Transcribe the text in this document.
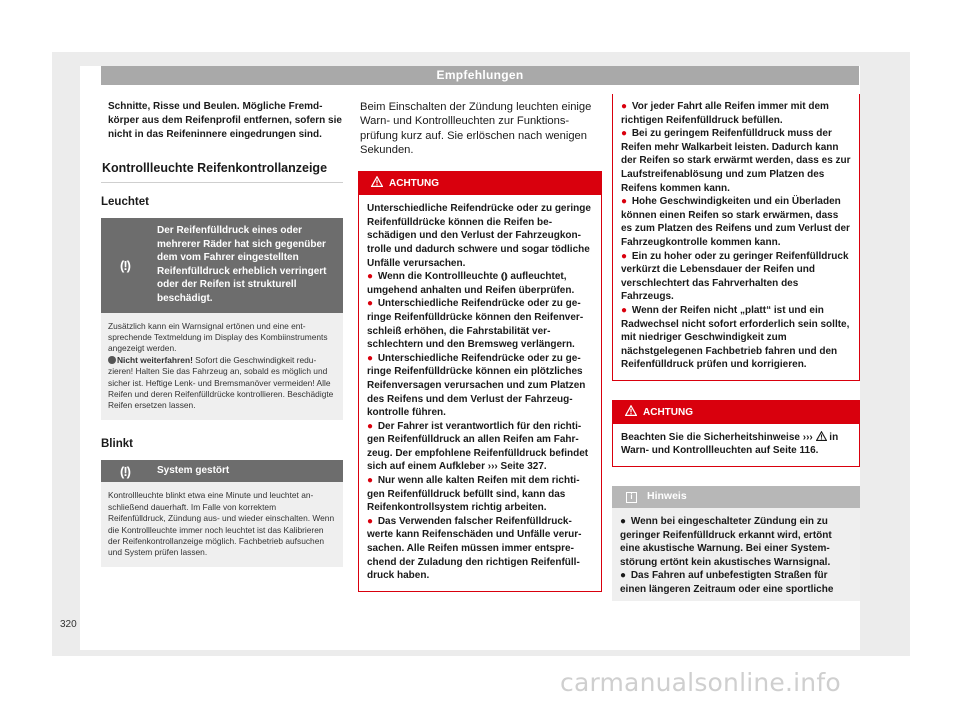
Empfehlungen
Schnitte, Risse und Beulen. Mögliche Fremdkörper aus dem Reifenprofil entfernen, sofern sie nicht in das Reifeninnere eingedrungen sind.
Kontrollleuchte Reifenkontrollanzeige
Leuchtet
(!)
Der Reifenfülldruck eines oder mehrerer Räder hat sich gegenüber dem vom Fahrer eingestellten Reifenfülldruck erheblich verringert oder der Reifen ist strukturell beschädigt.
Zusätzlich kann ein Warnsignal ertönen und eine entsprechende Textmeldung im Display des Kombiinstruments angezeigt werden.
Nicht weiterfahren! Sofort die Geschwindigkeit reduzieren! Halten Sie das Fahrzeug an, sobald es möglich und sicher ist. Heftige Lenk- und Bremsmanöver vermeiden! Alle Reifen und deren Reifenfülldrücke kontrollieren. Beschädigte Reifen ersetzen lassen.
Blinkt
(!)	System gestört
Kontrollleuchte blinkt etwa eine Minute und leuchtet anschließend dauerhaft. Im Falle von korrektem Reifenfülldruck, Zündung aus- und wieder einschalten. Wenn die Kontrollleuchte immer noch leuchtet ist das Kalibrieren der Reifenkontrollanzeige möglich. Fachbetrieb aufsuchen und System prüfen lassen.
Beim Einschalten der Zündung leuchten einige Warn- und Kontrollleuchten zur Funktionsprüfung kurz auf. Sie erlöschen nach wenigen Sekunden.
ACHTUNG

Unterschiedliche Reifendrücke oder zu geringe Reifenfülldrücke können die Reifen beschädigen und den Verlust der Fahrzeugkontrolle und dadurch schwere und sogar tödliche Unfälle verursachen.

● Wenn die Kontrollleuchte ⦅⦆ aufleuchtet, umgehend anhalten und Reifen überprüfen.
● Unterschiedliche Reifendrücke oder zu geringe Reifenfülldrücke können den Reifenverschleiß erhöhen, die Fahrstabilität verschlechtern und den Bremsweg verlängern.
● Unterschiedliche Reifendrücke oder zu geringe Reifenfülldrücke können ein plötzliches Reifenversagen verursachen und zum Platzen des Reifens und dem Verlust der Fahrzeugkontrolle führen.
● Der Fahrer ist verantwortlich für den richtigen Reifenfülldruck an allen Reifen am Fahrzeug. Der empfohlene Reifenfülldruck befindet sich auf einem Aufkleber ››› Seite 327.
● Nur wenn alle kalten Reifen mit dem richtigen Reifenfülldruck befüllt sind, kann das Reifenkontrollsystem richtig arbeiten.
● Das Verwenden falscher Reifenfülldruckwerte kann Reifenschäden und Unfälle verursachen. Alle Reifen müssen immer entsprechend der Zuladung den richtigen Reifenfülldruck haben.
● Vor jeder Fahrt alle Reifen immer mit dem richtigen Reifenfülldruck befüllen.
● Bei zu geringem Reifenfülldruck muss der Reifen mehr Walkarbeit leisten. Dadurch kann der Reifen so stark erwärmt werden, dass es zur Laufstreifenablösung und zum Platzen des Reifens kommen kann.
● Hohe Geschwindigkeiten und ein Überladen können einen Reifen so stark erwärmen, dass es zum Platzen des Reifens und zum Verlust der Fahrzeugkontrolle kommen kann.
● Ein zu hoher oder zu geringer Reifenfülldruck verkürzt die Lebensdauer der Reifen und verschlechtert das Fahrverhalten des Fahrzeugs.
● Wenn der Reifen nicht „platt“ ist und ein Radwechsel nicht sofort erforderlich sein sollte, mit niedriger Geschwindigkeit zum nächstgelegenen Fachbetrieb fahren und den Reifenfülldruck prüfen und korrigieren.
ACHTUNG
Beachten Sie die Sicherheitshinweise ›››  in Warn- und Kontrollleuchten auf Seite 116.
i	Hinweis
● Wenn bei eingeschalteter Zündung ein zu geringer Reifenfülldruck erkannt wird, ertönt eine akustische Warnung. Bei einer Systemstörung ertönt kein akustisches Warnsignal.
● Das Fahren auf unbefestigten Straßen für einen längeren Zeitraum oder eine sportliche
320
carmanualsonline.info
